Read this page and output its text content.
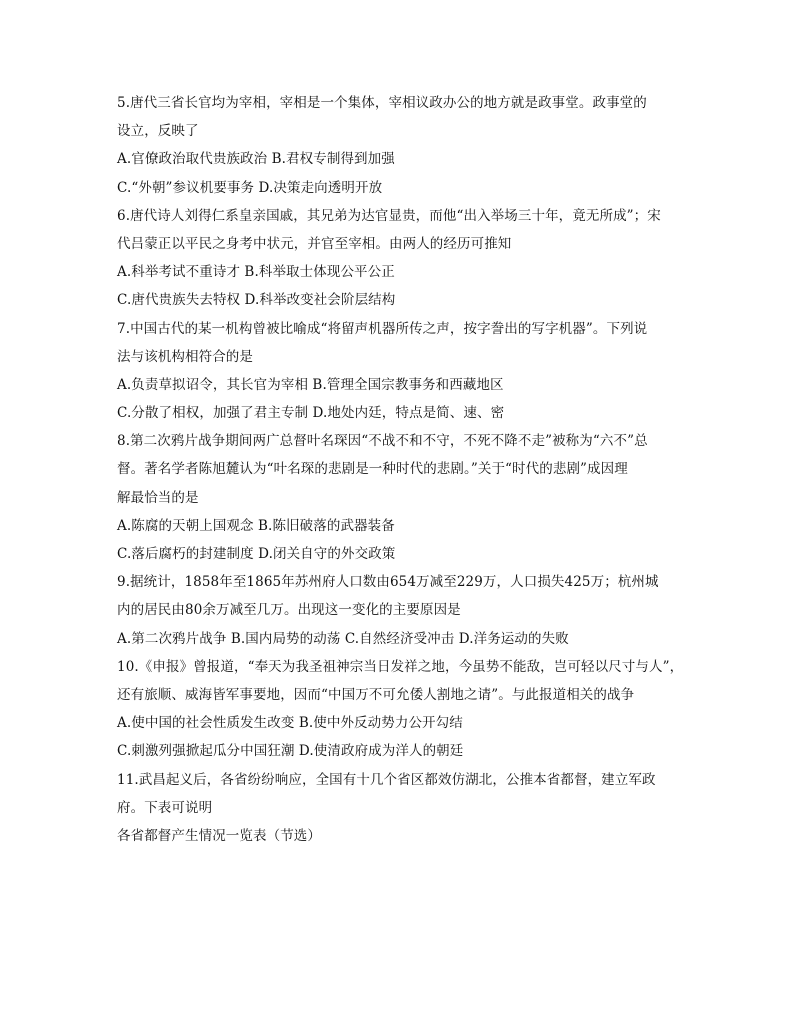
5.唐代三省长官均为宰相，宰相是一个集体，宰相议政办公的地方就是政事堂。政事堂的
设立，反映了
A.官僚政治取代贵族政治 B.君权专制得到加强
C.“外朝”参议机要事务 D.决策走向透明开放
6.唐代诗人刘得仁系皇亲国戚，其兄弟为达官显贵，而他“出入举场三十年，竟无所成”；宋
代吕蒙正以平民之身考中状元，并官至宰相。由两人的经历可推知
A.科举考试不重诗才 B.科举取士体现公平公正
C.唐代贵族失去特权 D.科举改变社会阶层结构
7.中国古代的某一机构曾被比喻成“将留声机器所传之声，按字誊出的写字机器”。下列说
法与该机构相符合的是
A.负责草拟诏令，其长官为宰相 B.管理全国宗教事务和西藏地区
C.分散了相权，加强了君主专制 D.地处内廷，特点是简、速、密
8.第二次鸦片战争期间两广总督叶名琛因“不战不和不守，不死不降不走”被称为“六不”总
督。著名学者陈旭麓认为“叶名琛的悲剧是一种时代的悲剧。”关于“时代的悲剧”成因理
解最恰当的是
A.陈腐的天朝上国观念 B.陈旧破落的武器装备
C.落后腐朽的封建制度 D.闭关自守的外交政策
9.据统计，1858年至1865年苏州府人口数由654万减至229万，人口损失425万；杭州城
内的居民由80余万减至几万。出现这一变化的主要原因是
A.第二次鸦片战争 B.国内局势的动荡 C.自然经济受冲击 D.洋务运动的失败
10.《申报》曾报道，“奉天为我圣祖神宗当日发祥之地，今虽势不能敌，岂可轻以尺寸与人”，
还有旅顺、威海皆军事要地，因而“中国万不可允倭人割地之请”。与此报道相关的战争
A.使中国的社会性质发生改变 B.使中外反动势力公开勾结
C.刺激列强掀起瓜分中国狂潮 D.使清政府成为洋人的朝廷
11.武昌起义后，各省纷纷响应，全国有十几个省区都效仿湖北，公推本省都督，建立军政
府。下表可说明
各省都督产生情况一览表（节选）
